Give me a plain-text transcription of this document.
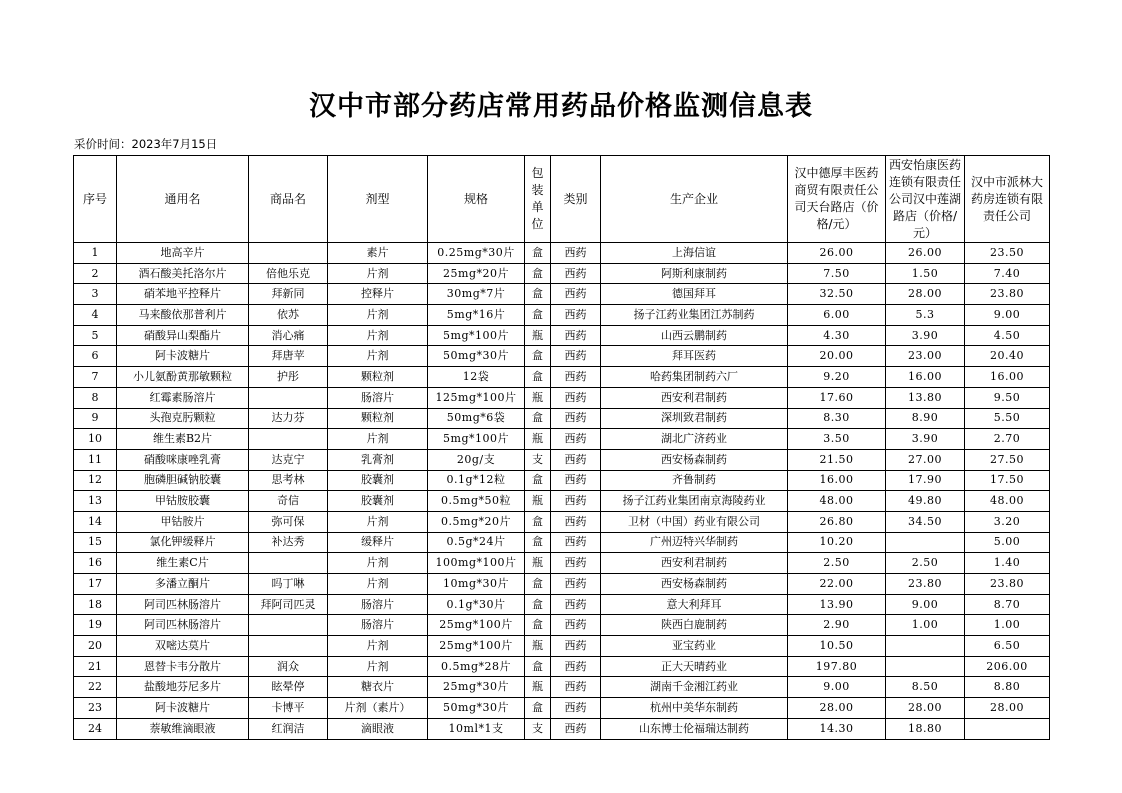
汉中市部分药店常用药品价格监测信息表
采价时间：2023年7月15日
序号	通用名	商品名	剂型	规格	包装单位	类别	生产企业	汉中德厚丰医药商贸有限责任公司天台路店（价格/元）	西安怡康医药连锁有限责任公司汉中莲湖路店（价格/元）	汉中市派林大药房连锁有限责任公司
1	地高辛片		素片	0.25mg*30片	盒	西药	上海信谊	26.00	26.00	23.50
2	酒石酸美托洛尔片	倍他乐克	片剂	25mg*20片	盒	西药	阿斯利康制药	7.50	1.50	7.40
3	硝苯地平控释片	拜新同	控释片	30mg*7片	盒	西药	德国拜耳	32.50	28.00	23.80
4	马来酸依那普利片	依苏	片剂	5mg*16片	盒	西药	扬子江药业集团江苏制药	6.00	5.3	9.00
5	硝酸异山梨酯片	消心痛	片剂	5mg*100片	瓶	西药	山西云鹏制药	4.30	3.90	4.50
6	阿卡波糖片	拜唐苹	片剂	50mg*30片	盒	西药	拜耳医药	20.00	23.00	20.40
7	小儿氨酚黄那敏颗粒	护彤	颗粒剂	12袋	盒	西药	哈药集团制药六厂	9.20	16.00	16.00
8	红霉素肠溶片		肠溶片	125mg*100片	瓶	西药	西安利君制药	17.60	13.80	9.50
9	头孢克肟颗粒	达力芬	颗粒剂	50mg*6袋	盒	西药	深圳致君制药	8.30	8.90	5.50
10	维生素B2片		片剂	5mg*100片	瓶	西药	湖北广济药业	3.50	3.90	2.70
11	硝酸咪康唑乳膏	达克宁	乳膏剂	20g/支	支	西药	西安杨森制药	21.50	27.00	27.50
12	胞磷胆碱钠胶囊	思考林	胶囊剂	0.1g*12粒	盒	西药	齐鲁制药	16.00	17.90	17.50
13	甲钴胺胶囊	奇信	胶囊剂	0.5mg*50粒	瓶	西药	扬子江药业集团南京海陵药业	48.00	49.80	48.00
14	甲钴胺片	弥可保	片剂	0.5mg*20片	盒	西药	卫材（中国）药业有限公司	26.80	34.50	3.20
15	氯化钾缓释片	补达秀	缓释片	0.5g*24片	盒	西药	广州迈特兴华制药	10.20		5.00
16	维生素C片		片剂	100mg*100片	瓶	西药	西安利君制药	2.50	2.50	1.40
17	多潘立酮片	吗丁啉	片剂	10mg*30片	盒	西药	西安杨森制药	22.00	23.80	23.80
18	阿司匹林肠溶片	拜阿司匹灵	肠溶片	0.1g*30片	盒	西药	意大利拜耳	13.90	9.00	8.70
19	阿司匹林肠溶片		肠溶片	25mg*100片	盒	西药	陕西白鹿制药	2.90	1.00	1.00
20	双嘧达莫片		片剂	25mg*100片	瓶	西药	亚宝药业	10.50		6.50
21	恩替卡韦分散片	润众	片剂	0.5mg*28片	盒	西药	正大天晴药业	197.80		206.00
22	盐酸地芬尼多片	眩晕停	糖衣片	25mg*30片	瓶	西药	湖南千金湘江药业	9.00	8.50	8.80
23	阿卡波糖片	卡博平	片剂（素片）	50mg*30片	盒	西药	杭州中美华东制药	28.00	28.00	28.00
24	萘敏维滴眼液	红润洁	滴眼液	10ml*1支	支	西药	山东博士伦福瑞达制药	14.30	18.80	
